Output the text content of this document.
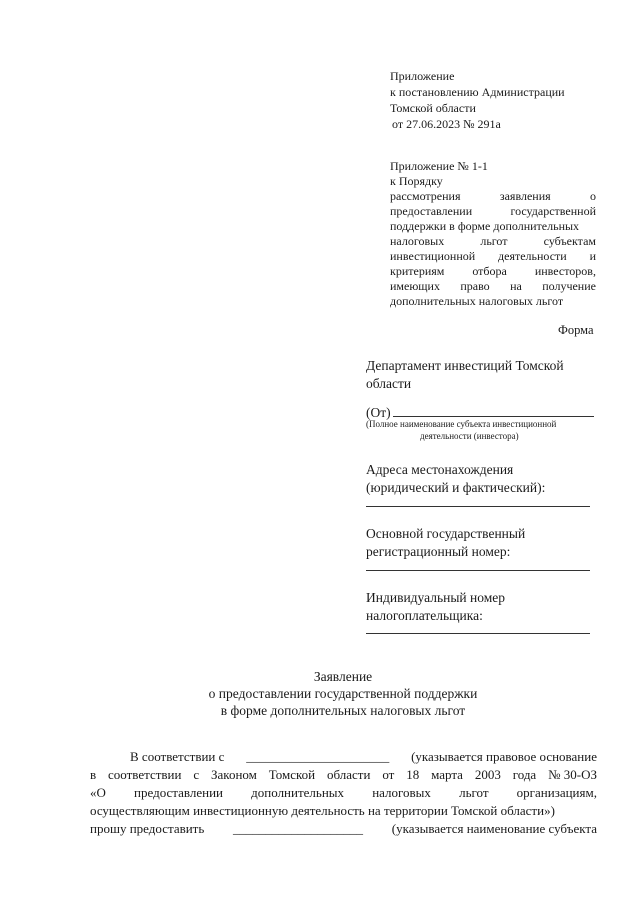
Приложение
к постановлению Администрации
Томской области
от 27.06.2023 № 291а
Приложение № 1-1
к Порядку
рассмотрения	заявления	о
предоставлении	государственной
поддержки в форме дополнительных
налоговых	льгот	субъектам
инвестиционной деятельности и
критериям отбора инвесторов,
имеющих право на получение
дополнительных налоговых льгот
Форма
Департамент инвестиций Томской
области
(От)
(Полное наименование субъекта инвестиционной
деятельности (инвестора)
Адреса местонахождения
(юридический и фактический):
Основной государственный
регистрационный номер:
Индивидуальный номер
налогоплательщика:
Заявление
о предоставлении государственной поддержки
в форме дополнительных налоговых льгот
В соответствии с ______________________ (указывается правовое основание
в соответствии с Законом Томской области от 18 марта 2003 года № 30-ОЗ
«О предоставлении дополнительных налоговых льгот организациям,
осуществляющим инвестиционную деятельность на территории Томской области»)
прошу предоставить ____________________ (указывается наименование субъекта
